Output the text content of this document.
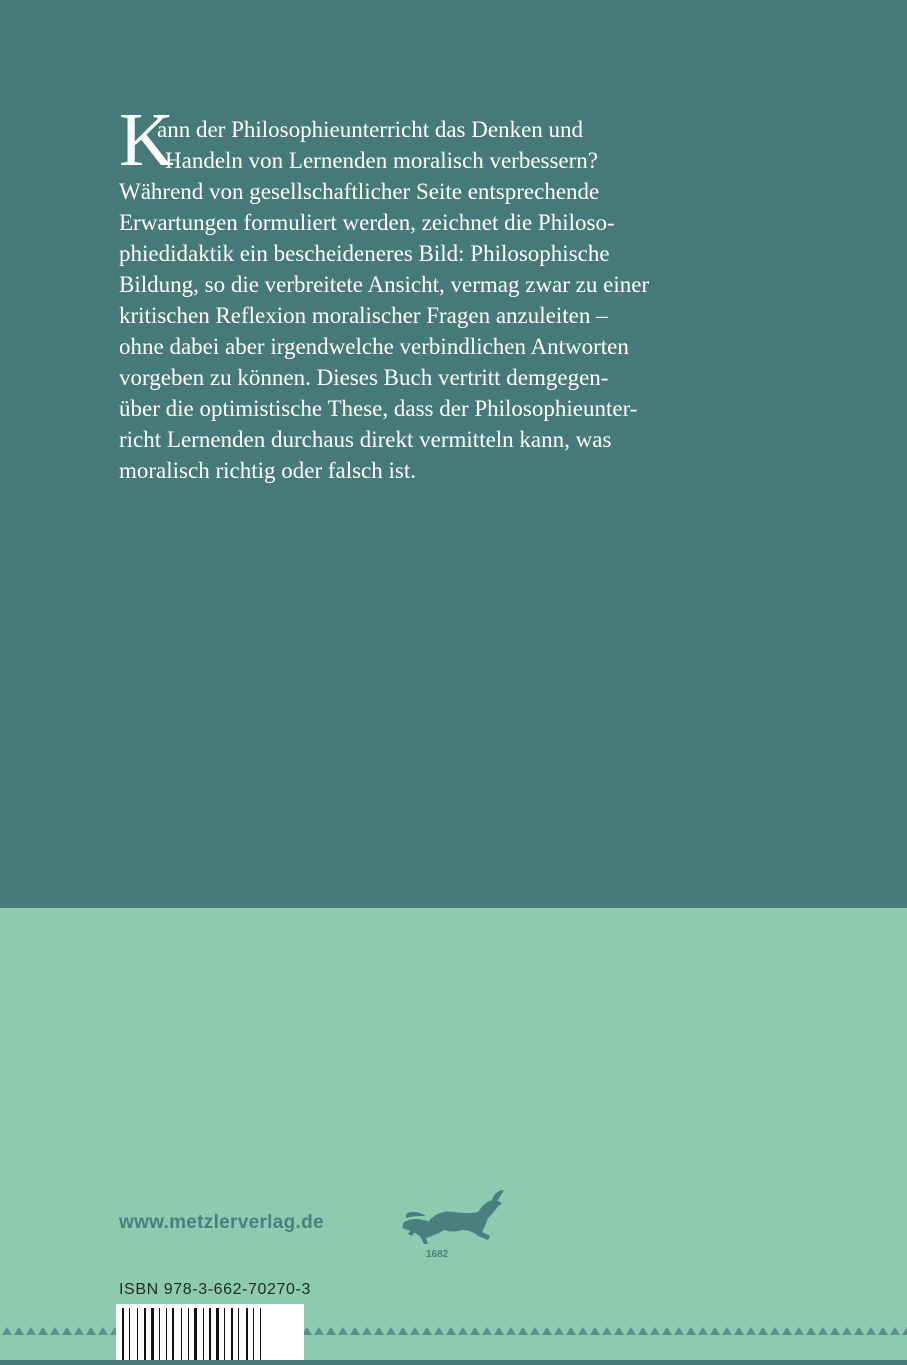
K
ann der Philosophieunterricht das Denken und
Handeln von Lernenden moralisch verbessern?
Während von gesellschaftlicher Seite entsprechende
Erwartungen formuliert werden, zeichnet die Philoso-
phiedidaktik ein bescheideneres Bild: Philosophische
Bildung, so die verbreitete Ansicht, vermag zwar zu einer
kritischen Reflexion moralischer Fragen anzuleiten –
ohne dabei aber irgendwelche verbindlichen Antworten
vorgeben zu können. Dieses Buch vertritt demgegen-
über die optimistische These, dass der Philosophieunter-
richt Lernenden durchaus direkt vermitteln kann, was
moralisch richtig oder falsch ist.
www.metzlerverlag.de
1682
ISBN 978-3-662-70270-3
